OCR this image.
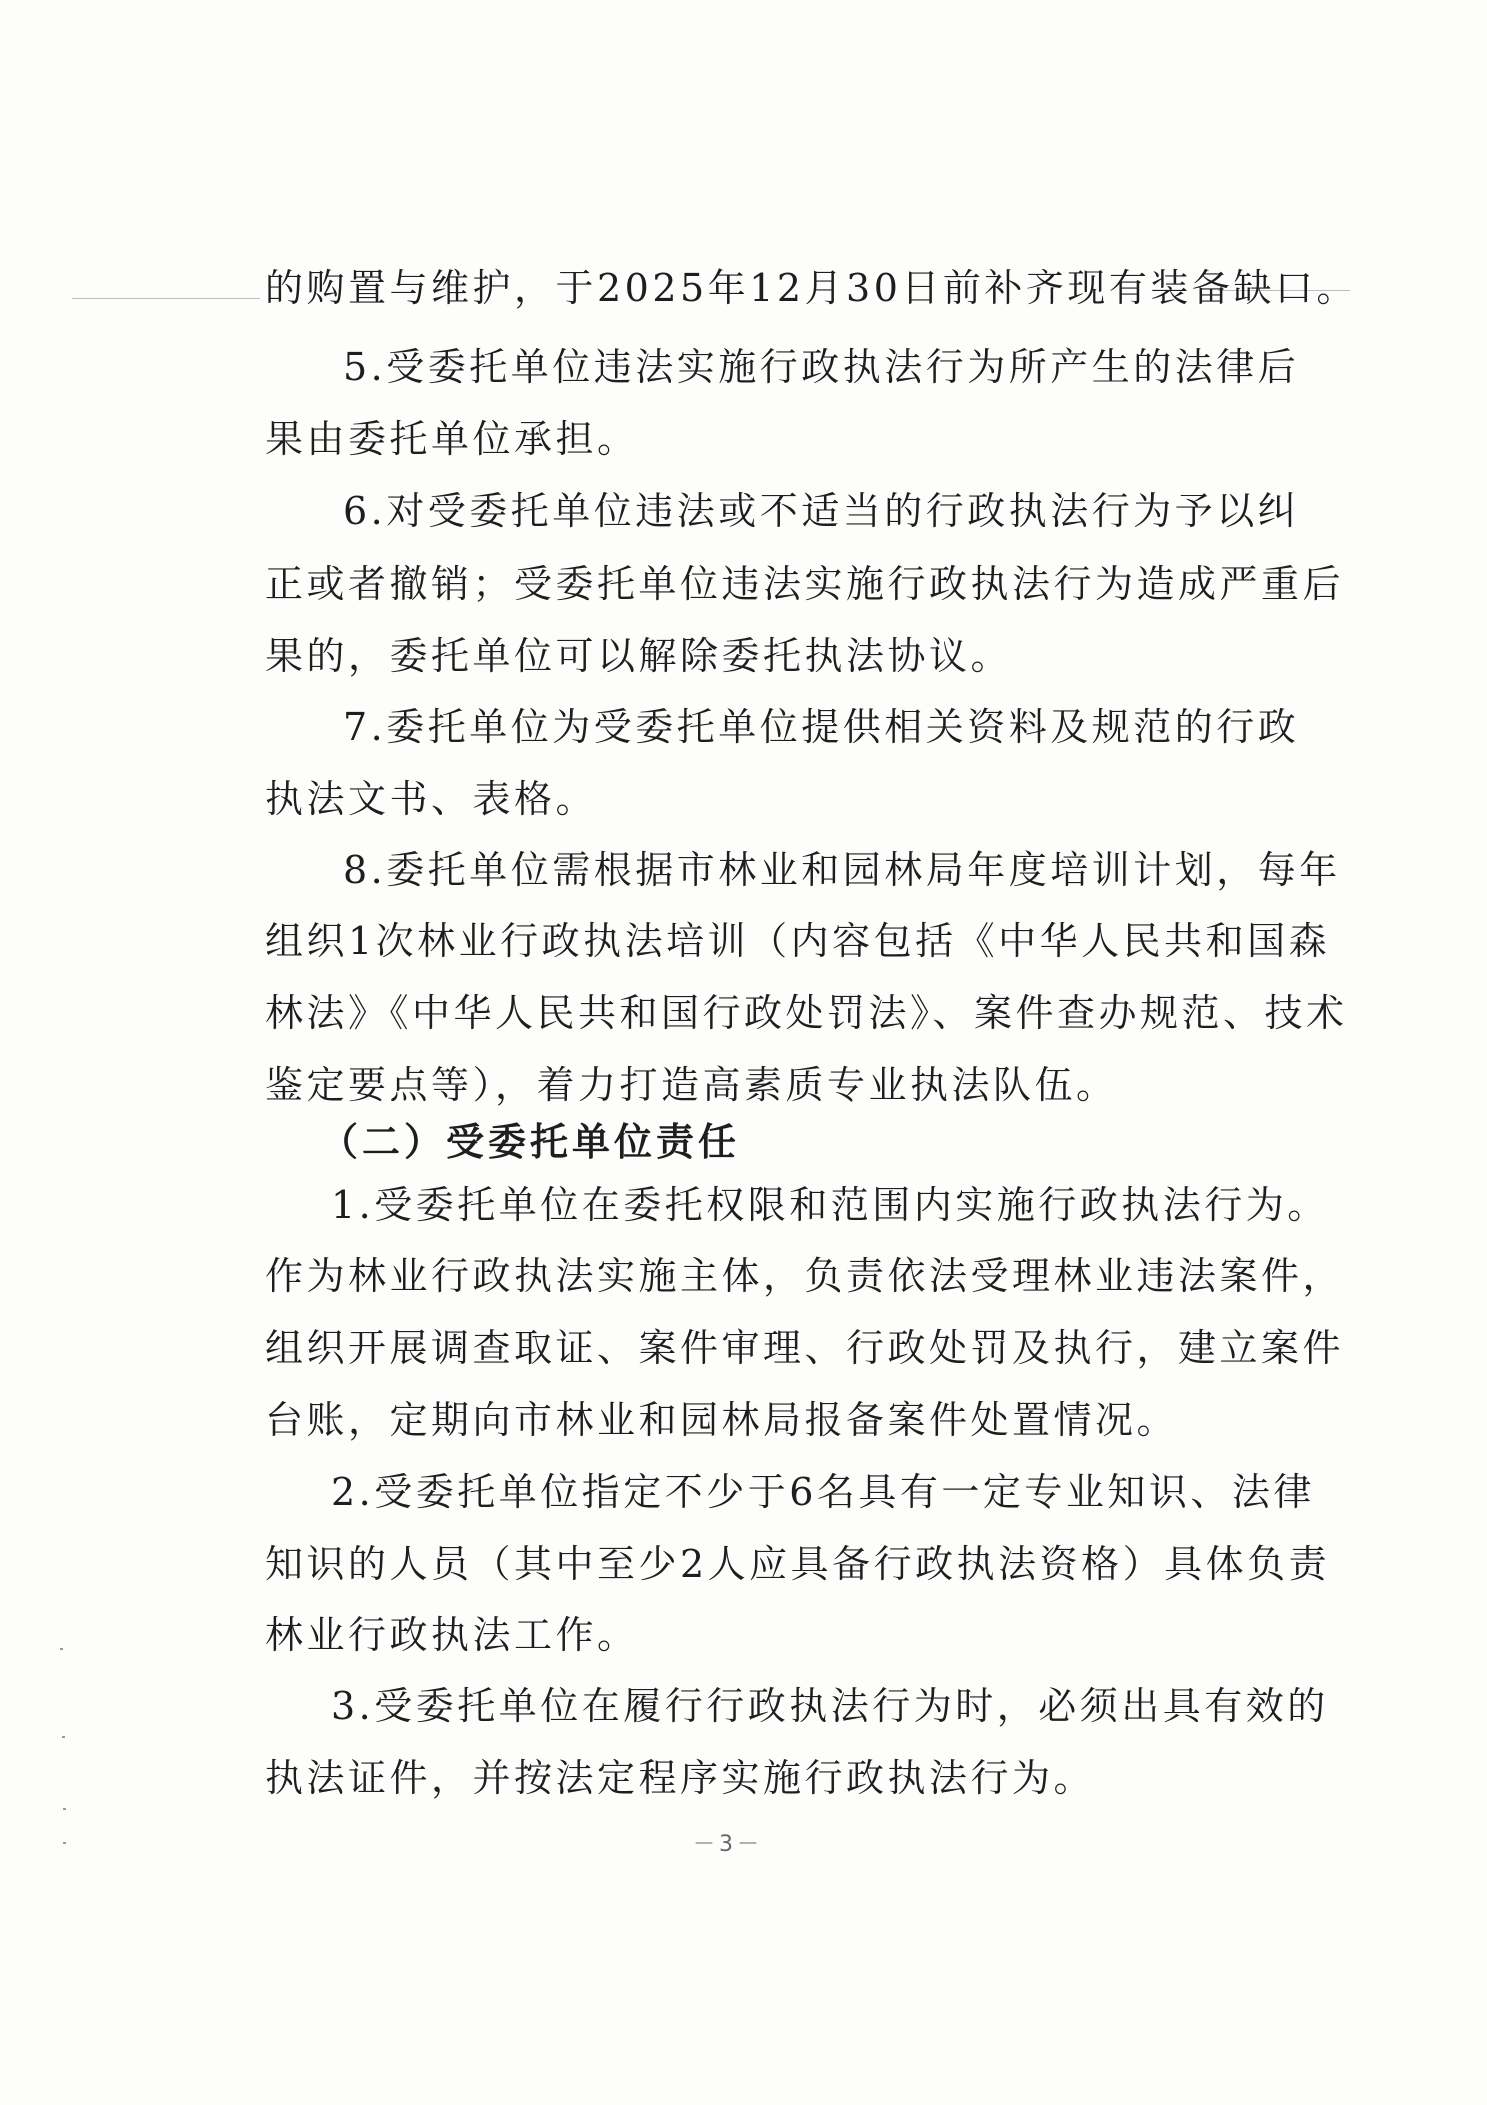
的购置与维护，于2025年12月30日前补齐现有装备缺口。
5.受委托单位违法实施行政执法行为所产生的法律后
果由委托单位承担。
6.对受委托单位违法或不适当的行政执法行为予以纠
正或者撤销；受委托单位违法实施行政执法行为造成严重后
果的，委托单位可以解除委托执法协议。
7.委托单位为受委托单位提供相关资料及规范的行政
执法文书、表格。
8.委托单位需根据市林业和园林局年度培训计划，每年
组织1次林业行政执法培训（内容包括《中华人民共和国森
林法》《中华人民共和国行政处罚法》、案件查办规范、技术
鉴定要点等），着力打造高素质专业执法队伍。
（二）受委托单位责任
1.受委托单位在委托权限和范围内实施行政执法行为。
作为林业行政执法实施主体，负责依法受理林业违法案件，
组织开展调查取证、案件审理、行政处罚及执行，建立案件
台账，定期向市林业和园林局报备案件处置情况。
2.受委托单位指定不少于6名具有一定专业知识、法律
知识的人员（其中至少2人应具备行政执法资格）具体负责
林业行政执法工作。
3.受委托单位在履行行政执法行为时，必须出具有效的
执法证件，并按法定程序实施行政执法行为。
－3－
